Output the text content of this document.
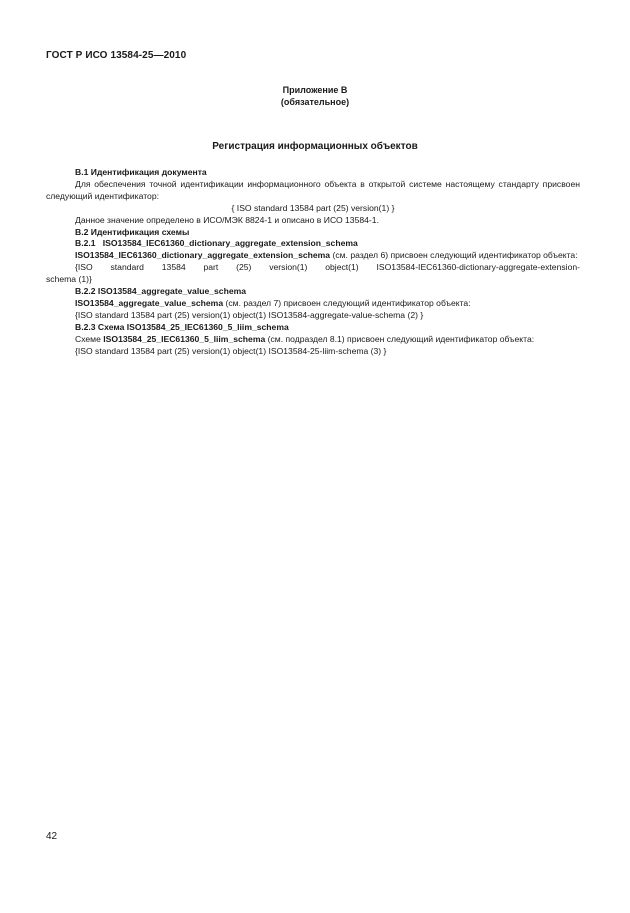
ГОСТ Р ИСО 13584-25—2010
Приложение B
(обязательное)
Регистрация информационных объектов

B.1 Идентификация документа

Для обеспечения точной идентификации информационного объекта в открытой системе настоящему стандарту присвоен следующий идентификатор:

{ ISO standard 13584 part (25) version(1) }

Данное значение определено в ИСО/МЭК 8824-1 и описано в ИСО 13584-1.

B.2 Идентификация схемы

B.2.1   ISO13584_IEC61360_dictionary_aggregate_extension_schema

ISO13584_IEC61360_dictionary_aggregate_extension_schema (см. раздел 6) присвоен следующий идентификатор объекта:

{ISO standard 13584 part (25) version(1) object(1) ISO13584-IEC61360-dictionary-aggregate-extension-

schema (1)}

B.2.2 ISO13584_aggregate_value_schema

ISO13584_aggregate_value_schema (см. раздел 7) присвоен следующий идентификатор объекта:

{ISO standard 13584 part (25) version(1) object(1) ISO13584-aggregate-value-schema (2) }

B.2.3 Схема ISO13584_25_IEC61360_5_liim_schema

Схеме ISO13584_25_IEC61360_5_liim_schema (см. подраздел 8.1) присвоен следующий идентификатор объекта:

{ISO standard 13584 part (25) version(1) object(1) ISO13584-25-liim-schema (3) }

42
